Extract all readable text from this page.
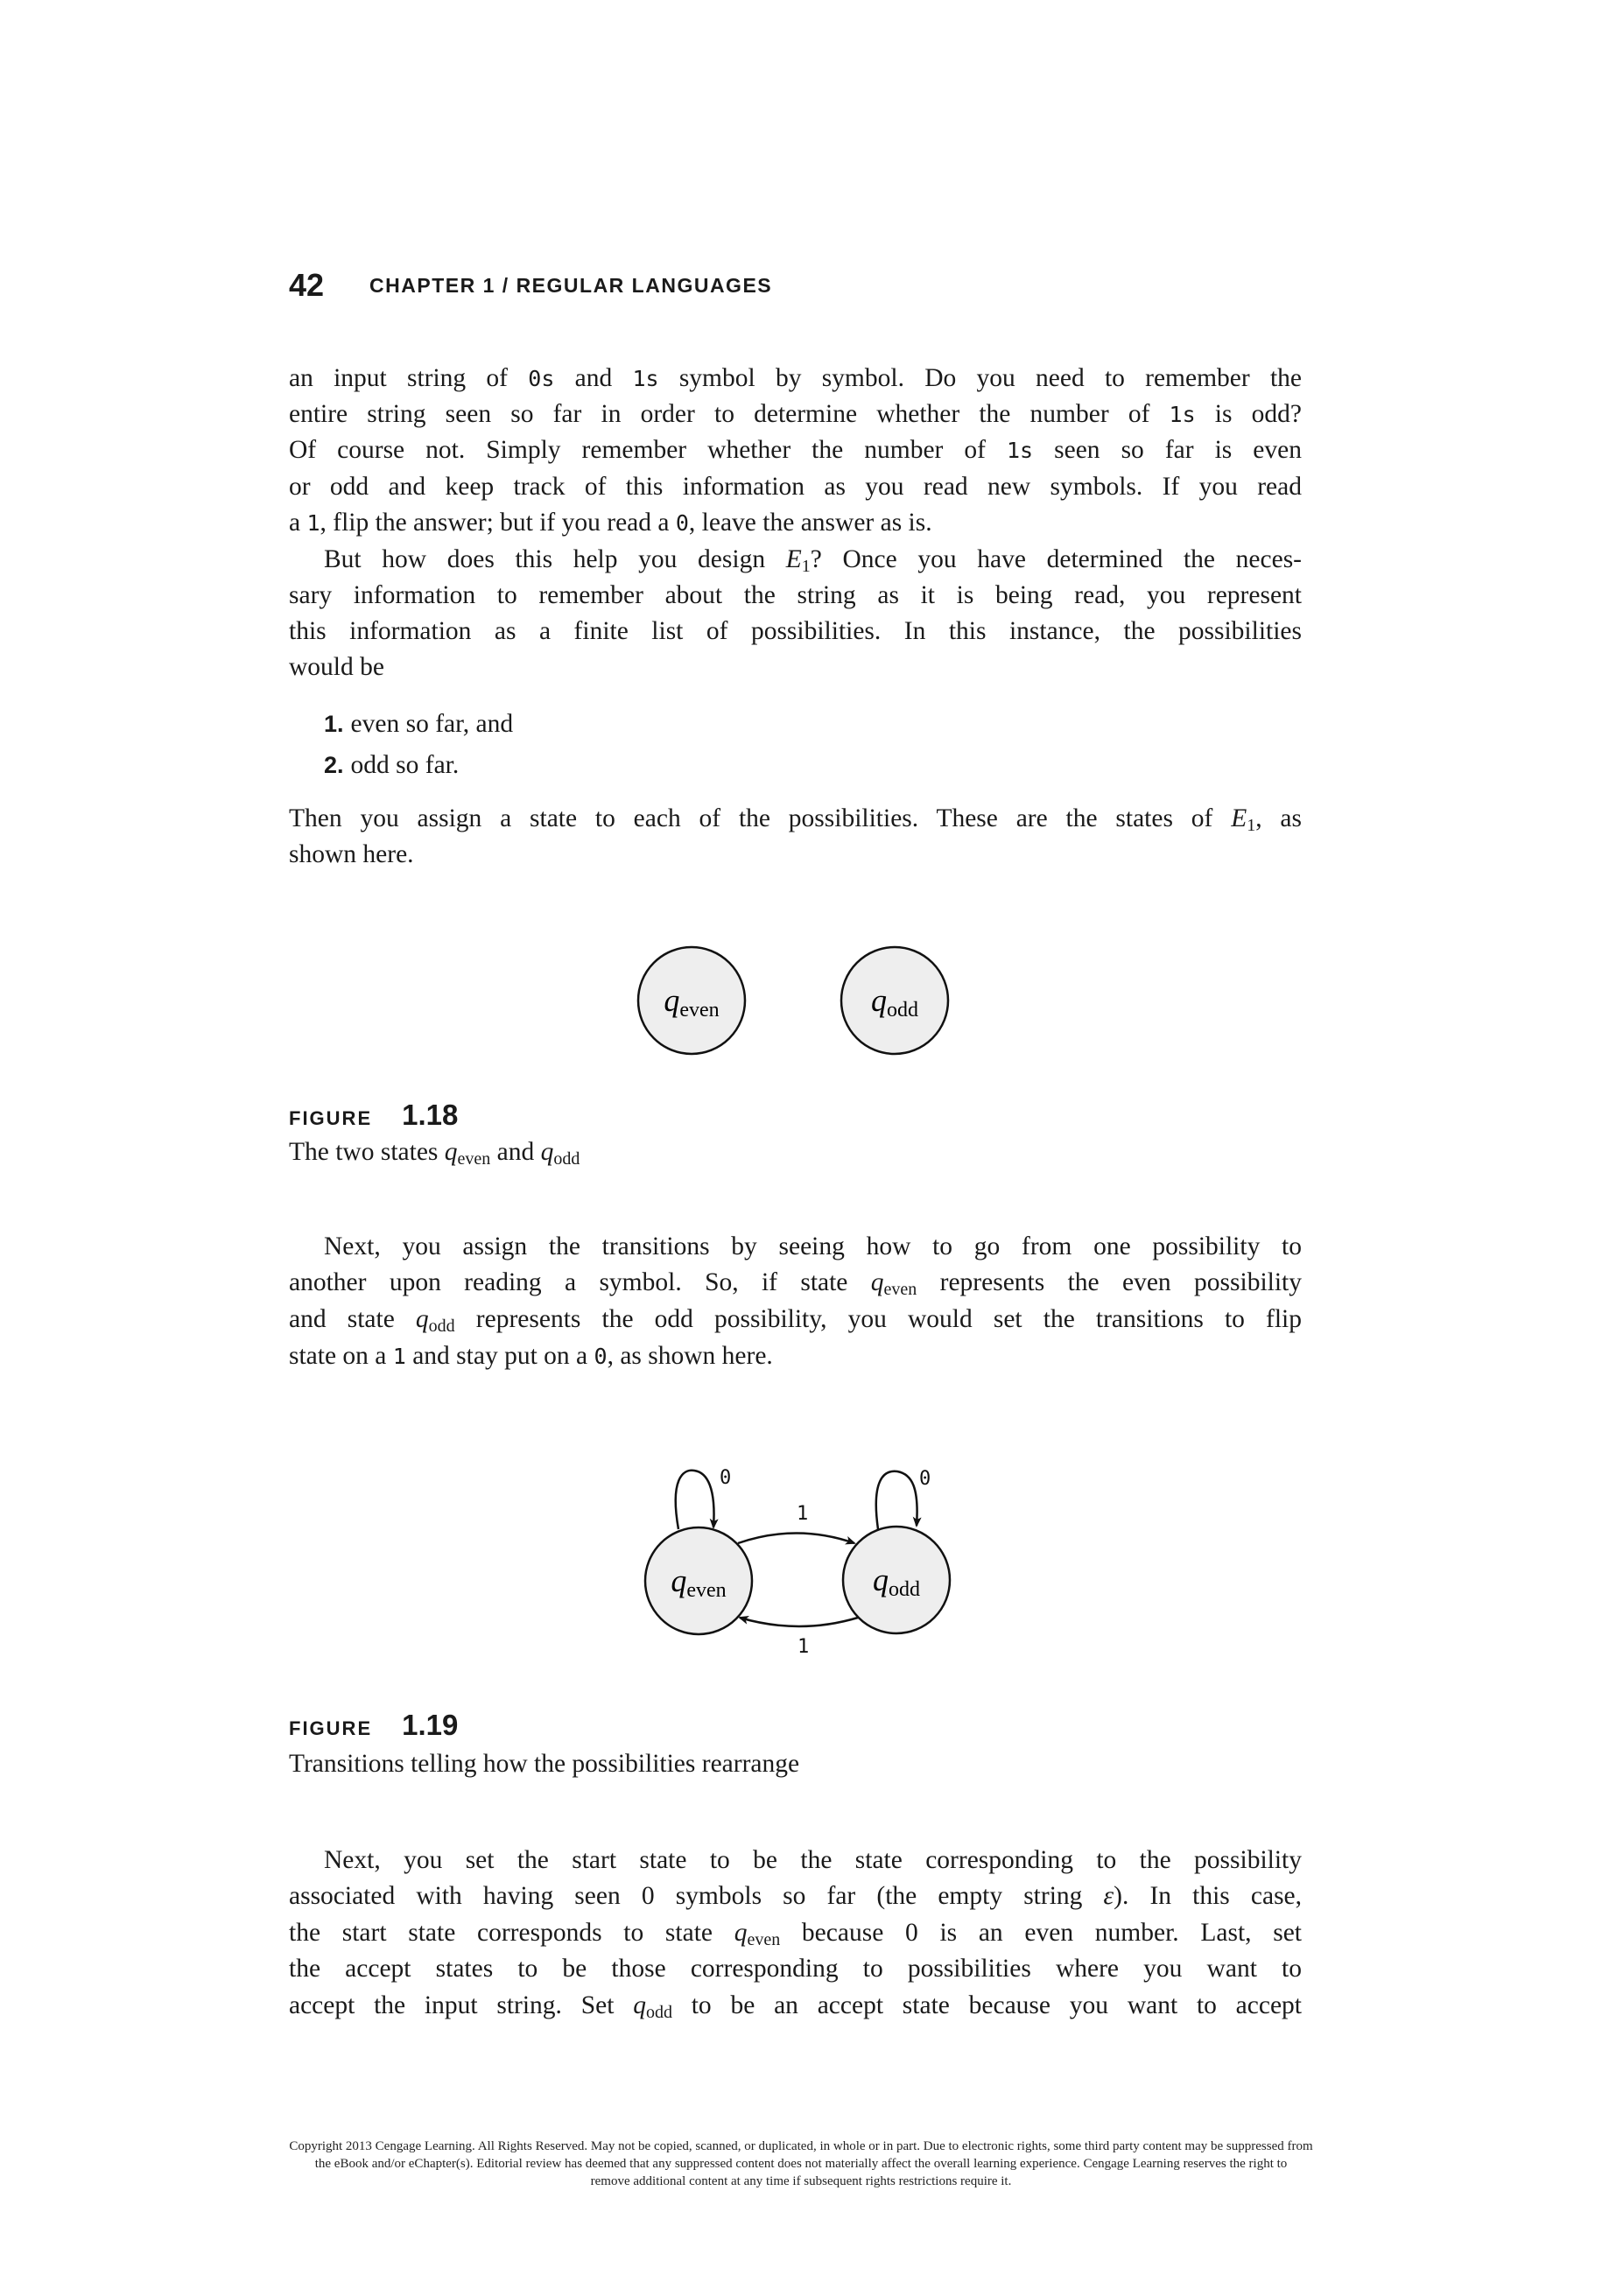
42 CHAPTER 1 / REGULAR LANGUAGES
an input string of 0s and 1s symbol by symbol. Do you need to remember the
entire string seen so far in order to determine whether the number of 1s is odd?
Of course not. Simply remember whether the number of 1s seen so far is even
or odd and keep track of this information as you read new symbols. If you read
a 1, flip the answer; but if you read a 0, leave the answer as is.
But how does this help you design $E_1$? Once you have determined the neces-
sary information to remember about the string as it is being read, you represent
this information as a finite list of possibilities. In this instance, the possibilities
would be
Then you assign a state to each of the possibilities. These are the states of $E_1$, as
shown here.
Next, you assign the transitions by seeing how to go from one possibility to
another upon reading a symbol. So, if state $q_{even}$ represents the even possibility
and state $q_{odd}$ represents the odd possibility, you would set the transitions to flip
state on a 1 and stay put on a 0, as shown here.
Next, you set the start state to be the state corresponding to the possibility
associated with having seen 0 symbols so far (the empty string ε). In this case,
the start state corresponds to state $q_{even}$ because 0 is an even number. Last, set
the accept states to be those corresponding to possibilities where you want to
accept the input string. Set $q_{odd}$ to be an accept state because you want to accept
1. even so far, and
2. odd so far.
FIGURE 1.18
The two states $q_{even}$ and $q_{odd}$
FIGURE 1.19
Transitions telling how the possibilities rearrange
qeven	qodd
qeven	qodd
0	0
1
1
Copyright 2013 Cengage Learning. All Rights Reserved. May not be copied, scanned, or duplicated, in whole or in part. Due to electronic rights, some third party content may be suppressed from
the eBook and/or eChapter(s). Editorial review has deemed that any suppressed content does not materially affect the overall learning experience. Cengage Learning reserves the right to
remove additional content at any time if subsequent rights restrictions require it.
